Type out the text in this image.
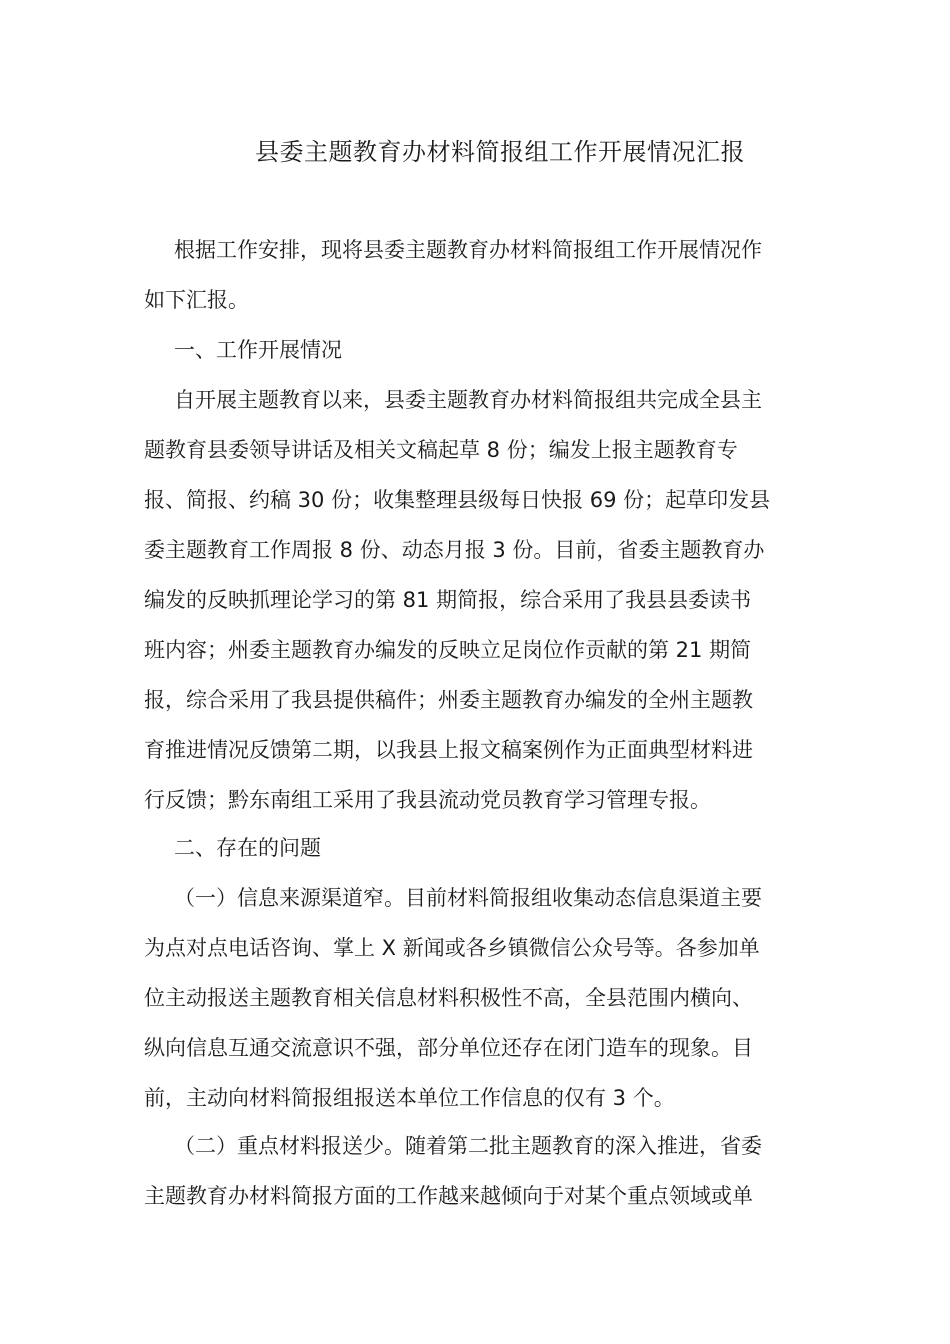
县委主题教育办材料简报组工作开展情况汇报
根据工作安排，现将县委主题教育办材料简报组工作开展情况作
如下汇报。
一、工作开展情况
自开展主题教育以来，县委主题教育办材料简报组共完成全县主
题教育县委领导讲话及相关文稿起草 8 份；编发上报主题教育专
报、简报、约稿 30 份；收集整理县级每日快报 69 份；起草印发县
委主题教育工作周报 8 份、动态月报 3 份。目前，省委主题教育办
编发的反映抓理论学习的第 81 期简报，综合采用了我县县委读书
班内容；州委主题教育办编发的反映立足岗位作贡献的第 21 期简
报，综合采用了我县提供稿件；州委主题教育办编发的全州主题教
育推进情况反馈第二期，以我县上报文稿案例作为正面典型材料进
行反馈；黔东南组工采用了我县流动党员教育学习管理专报。
二、存在的问题
（一）信息来源渠道窄。目前材料简报组收集动态信息渠道主要
为点对点电话咨询、掌上 X 新闻或各乡镇微信公众号等。各参加单
位主动报送主题教育相关信息材料积极性不高，全县范围内横向、
纵向信息互通交流意识不强，部分单位还存在闭门造车的现象。目
前，主动向材料简报组报送本单位工作信息的仅有 3 个。
（二）重点材料报送少。随着第二批主题教育的深入推进，省委
主题教育办材料简报方面的工作越来越倾向于对某个重点领域或单
